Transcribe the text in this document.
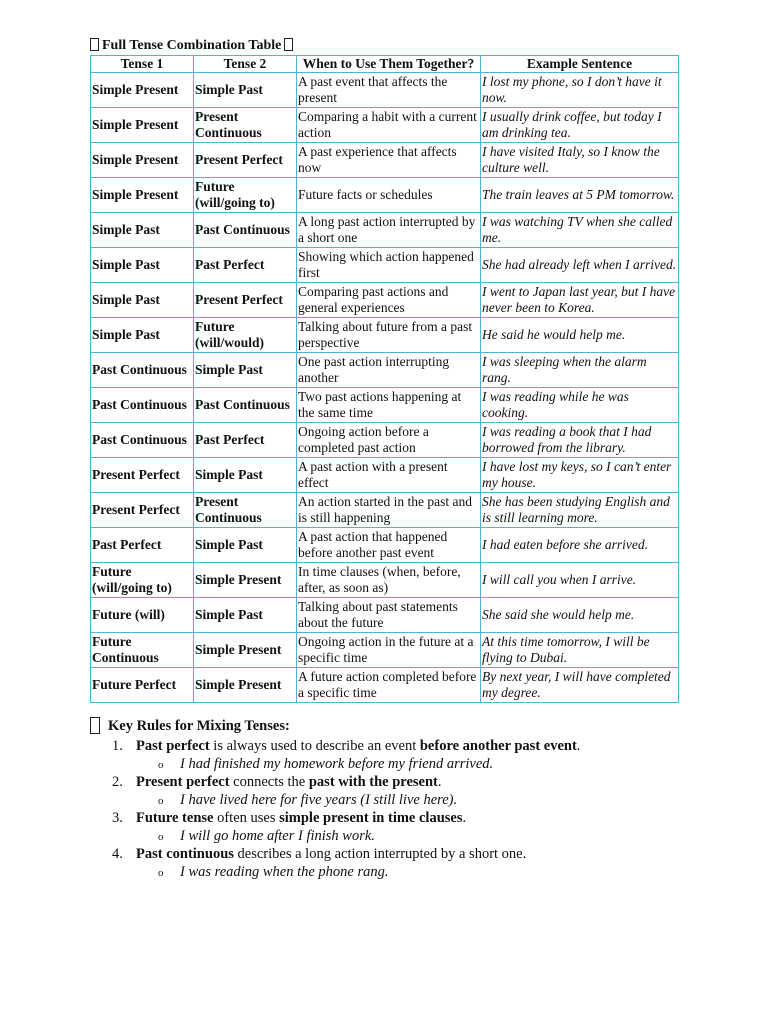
Full Tense Combination Table
Tense 1	Tense 2	When to Use Them Together?	Example Sentence
Simple Present	Simple Past	A past event that affects the present	I lost my phone, so I don’t have it now.
Simple Present	Present Continuous	Comparing a habit with a current action	I usually drink coffee, but today I am drinking tea.
Simple Present	Present Perfect	A past experience that affects now	I have visited Italy, so I know the culture well.
Simple Present	Future (will/going to)	Future facts or schedules	The train leaves at 5 PM tomorrow.
Simple Past	Past Continuous	A long past action interrupted by a short one	I was watching TV when she called me.
Simple Past	Past Perfect	Showing which action happened first	She had already left when I arrived.
Simple Past	Present Perfect	Comparing past actions and general experiences	I went to Japan last year, but I have never been to Korea.
Simple Past	Future (will/would)	Talking about future from a past perspective	He said he would help me.
Past Continuous	Simple Past	One past action interrupting another	I was sleeping when the alarm rang.
Past Continuous	Past Continuous	Two past actions happening at the same time	I was reading while he was cooking.
Past Continuous	Past Perfect	Ongoing action before a completed past action	I was reading a book that I had borrowed from the library.
Present Perfect	Simple Past	A past action with a present effect	I have lost my keys, so I can’t enter my house.
Present Perfect	Present Continuous	An action started in the past and is still happening	She has been studying English and is still learning more.
Past Perfect	Simple Past	A past action that happened before another past event	I had eaten before she arrived.
Future (will/going to)	Simple Present	In time clauses (when, before, after, as soon as)	I will call you when I arrive.
Future (will)	Simple Past	Talking about past statements about the future	She said she would help me.
Future Continuous	Simple Present	Ongoing action in the future at a specific time	At this time tomorrow, I will be flying to Dubai.
Future Perfect	Simple Present	A future action completed before a specific time	By next year, I will have completed my degree.
Key Rules for Mixing Tenses:
1. Past perfect is always used to describe an event before another past event.
o I had finished my homework before my friend arrived.
2. Present perfect connects the past with the present.
o I have lived here for five years (I still live here).
3. Future tense often uses simple present in time clauses.
o I will go home after I finish work.
4. Past continuous describes a long action interrupted by a short one.
o I was reading when the phone rang.
